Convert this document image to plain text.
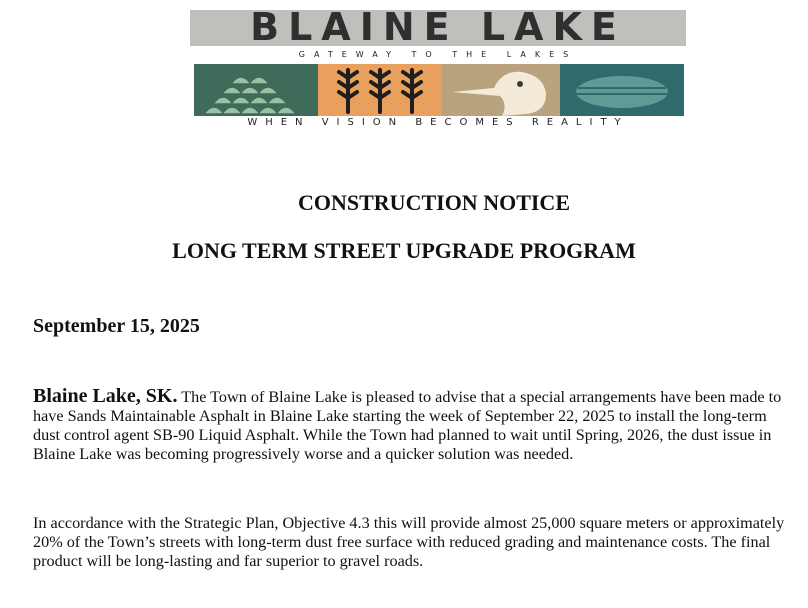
BLAINE LAKE
GATEWAY TO THE LAKES
WHEN VISION BECOMES REALITY
CONSTRUCTION NOTICE
LONG TERM STREET UPGRADE PROGRAM

September 15, 2025

Blaine Lake, SK. The Town of Blaine Lake is pleased to advise that a special arrangements have been made to have Sands Maintainable Asphalt in Blaine Lake starting the week of September 22, 2025 to install the long-term dust control agent SB-90 Liquid Asphalt. While the Town had planned to wait until Spring, 2026, the dust issue in Blaine Lake was becoming progressively worse and a quicker solution was needed.

In accordance with the Strategic Plan, Objective 4.3 this will provide almost 25,000 square meters or approximately 20% of the Town’s streets with long-term dust free surface with reduced grading and maintenance costs. The final product will be long-lasting and far superior to gravel roads.
